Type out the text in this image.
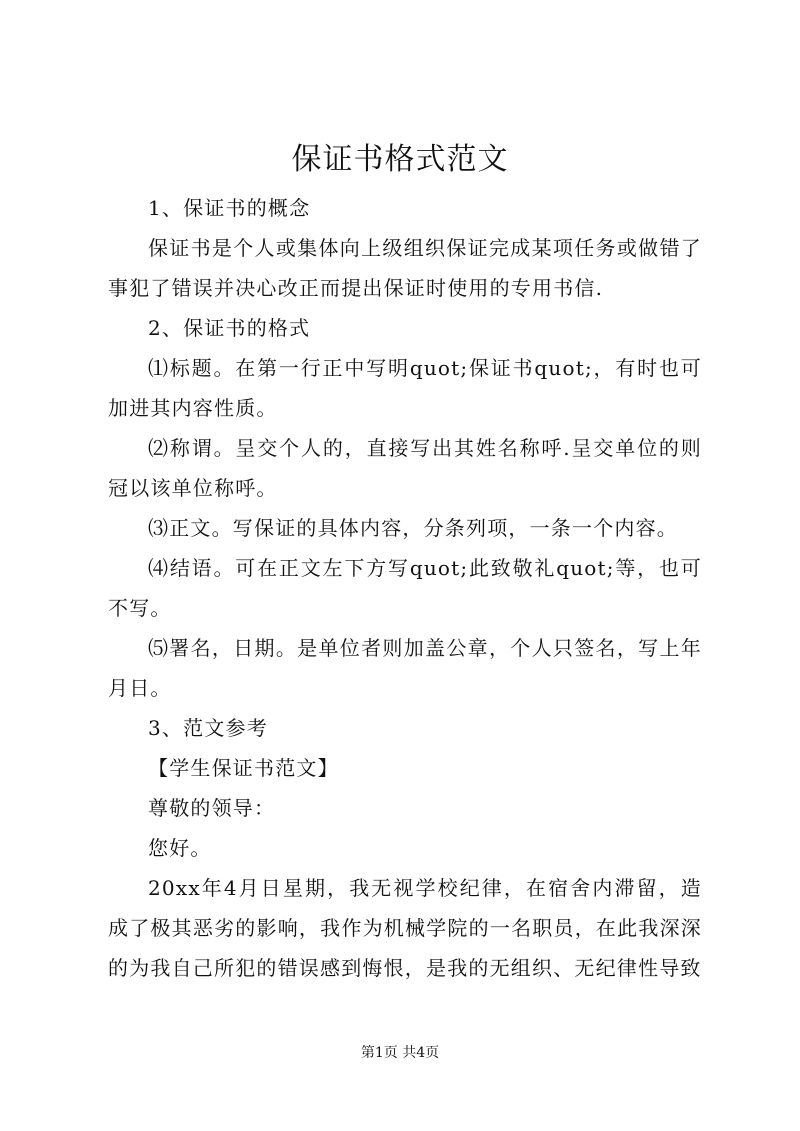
保证书格式范文

1、保证书的概念

保证书是个人或集体向上级组织保证完成某项任务或做错了事犯了错误并决心改正而提出保证时使用的专用书信.

2、保证书的格式

⑴标题。在第一行正中写明quot;保证书quot;，有时也可加进其内容性质。

⑵称谓。呈交个人的，直接写出其姓名称呼.呈交单位的则冠以该单位称呼。

⑶正文。写保证的具体内容，分条列项，一条一个内容。

⑷结语。可在正文左下方写quot;此致敬礼quot;等，也可不写。

⑸署名，日期。是单位者则加盖公章，个人只签名，写上年月日。

3、范文参考

【学生保证书范文】

尊敬的领导：

您好。

20xx年4月日星期，我无视学校纪律，在宿舍内滞留，造成了极其恶劣的影响，我作为机械学院的一名职员，在此我深深的为我自己所犯的错误感到悔恨，是我的无组织、无纪律性导致

第1页 共4页
